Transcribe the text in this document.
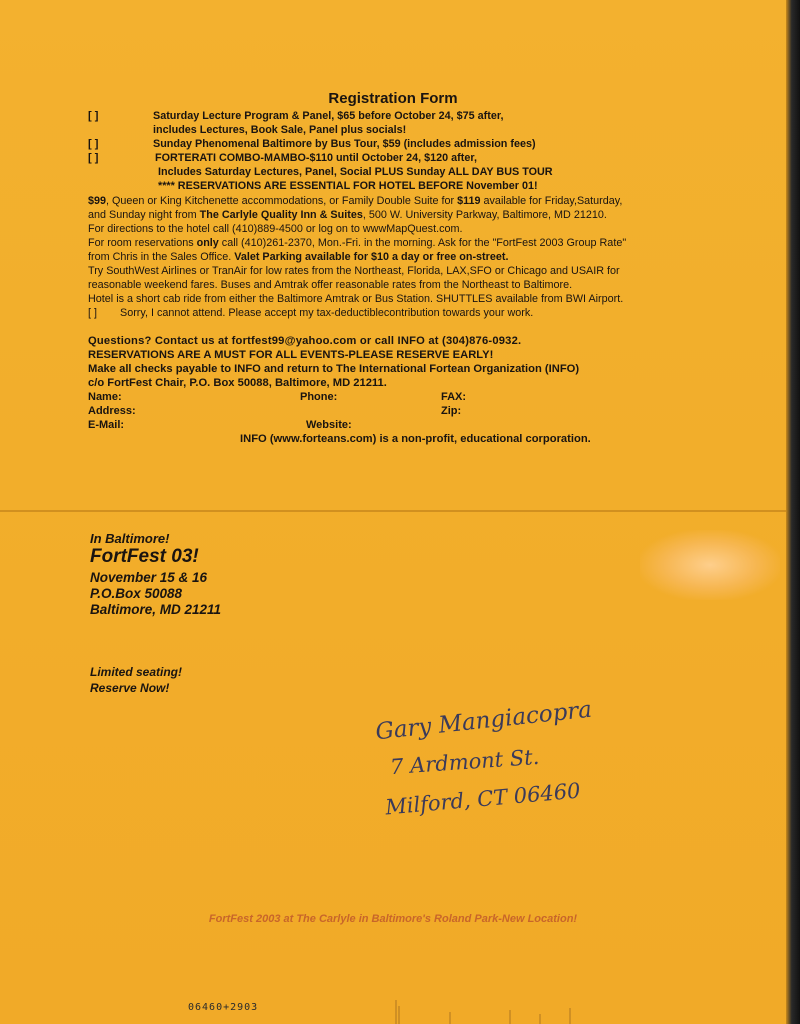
Registration Form
[ ]	Saturday Lecture Program & Panel, $65 before October 24, $75 after,
includes Lectures, Book Sale, Panel plus socials!
[ ]	Sunday Phenomenal Baltimore by Bus Tour, $59 (includes admission fees)
[ ]	FORTERATI COMBO-MAMBO-$110 until October 24, $120 after,
Includes Saturday Lectures, Panel, Social PLUS Sunday ALL DAY BUS TOUR
**** RESERVATIONS ARE ESSENTIAL FOR HOTEL BEFORE November 01!
$99, Queen or King Kitchenette accommodations, or Family Double Suite for $119 available for Friday,Saturday,
and Sunday night from The Carlyle Quality Inn & Suites, 500 W. University Parkway, Baltimore, MD 21210.
For directions to the hotel call (410)889-4500 or log on to wwwMapQuest.com.
For room reservations only call (410)261-2370, Mon.-Fri. in the morning. Ask for the "FortFest 2003 Group Rate"
from Chris in the Sales Office. Valet Parking available for $10 a day or free on-street.
Try SouthWest Airlines or TranAir for low rates from the Northeast, Florida, LAX,SFO or Chicago and USAIR for
reasonable weekend fares. Buses and Amtrak offer reasonable rates from the Northeast to Baltimore.
Hotel is a short cab ride from either the Baltimore Amtrak or Bus Station. SHUTTLES available from BWI Airport.
[ ] Sorry, I cannot attend. Please accept my tax-deductiblecontribution towards your work.
Questions? Contact us at fortfest99@yahoo.com or call INFO at (304)876-0932.
RESERVATIONS ARE A MUST FOR ALL EVENTS-PLEASE RESERVE EARLY!
Make all checks payable to INFO and return to The International Fortean Organization (INFO)
c/o FortFest Chair, P.O. Box 50088, Baltimore, MD 21211.
Name:	Phone:	FAX:
Address:	Zip:
E-Mail:	Website:
INFO (www.forteans.com) is a non-profit, educational corporation.
In Baltimore!
FortFest 03!
November 15 & 16
P.O.Box 50088
Baltimore, MD 21211
Limited seating!
Reserve Now!
Gary Mangiacopra
7 Ardmont St.
Milford, CT 06460
FortFest 2003 at The Carlyle in Baltimore's Roland Park-New Location!
06460+2903
